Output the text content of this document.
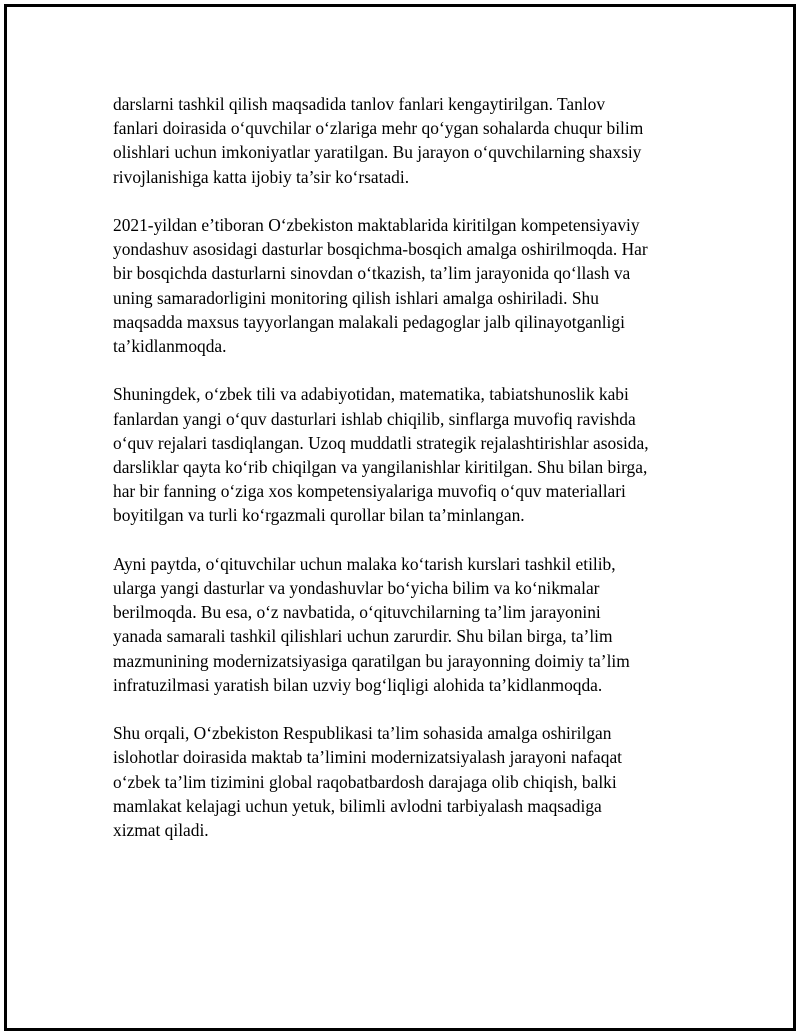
darslarni tashkil qilish maqsadida tanlov fanlari kengaytirilgan. Tanlov
fanlari doirasida o‘quvchilar o‘zlariga mehr qo‘ygan sohalarda chuqur bilim
olishlari uchun imkoniyatlar yaratilgan. Bu jarayon o‘quvchilarning shaxsiy
rivojlanishiga katta ijobiy ta’sir ko‘rsatadi.

2021-yildan e’tiboran O‘zbekiston maktablarida kiritilgan kompetensiyaviy
yondashuv asosidagi dasturlar bosqichma-bosqich amalga oshirilmoqda. Har
bir bosqichda dasturlarni sinovdan o‘tkazish, ta’lim jarayonida qo‘llash va
uning samaradorligini monitoring qilish ishlari amalga oshiriladi. Shu
maqsadda maxsus tayyorlangan malakali pedagoglar jalb qilinayotganligi
ta’kidlanmoqda.

Shuningdek, o‘zbek tili va adabiyotidan, matematika, tabiatshunoslik kabi
fanlardan yangi o‘quv dasturlari ishlab chiqilib, sinflarga muvofiq ravishda
o‘quv rejalari tasdiqlangan. Uzoq muddatli strategik rejalashtirishlar asosida,
darsliklar qayta ko‘rib chiqilgan va yangilanishlar kiritilgan. Shu bilan birga,
har bir fanning o‘ziga xos kompetensiyalariga muvofiq o‘quv materiallari
boyitilgan va turli ko‘rgazmali qurollar bilan ta’minlangan.

Ayni paytda, o‘qituvchilar uchun malaka ko‘tarish kurslari tashkil etilib,
ularga yangi dasturlar va yondashuvlar bo‘yicha bilim va ko‘nikmalar
berilmoqda. Bu esa, o‘z navbatida, o‘qituvchilarning ta’lim jarayonini
yanada samarali tashkil qilishlari uchun zarurdir. Shu bilan birga, ta’lim
mazmunining modernizatsiyasiga qaratilgan bu jarayonning doimiy ta’lim
infratuzilmasi yaratish bilan uzviy bog‘liqligi alohida ta’kidlanmoqda.

Shu orqali, O‘zbekiston Respublikasi ta’lim sohasida amalga oshirilgan
islohotlar doirasida maktab ta’limini modernizatsiyalash jarayoni nafaqat
o‘zbek ta’lim tizimini global raqobatbardosh darajaga olib chiqish, balki
mamlakat kelajagi uchun yetuk, bilimli avlodni tarbiyalash maqsadiga
xizmat qiladi.
